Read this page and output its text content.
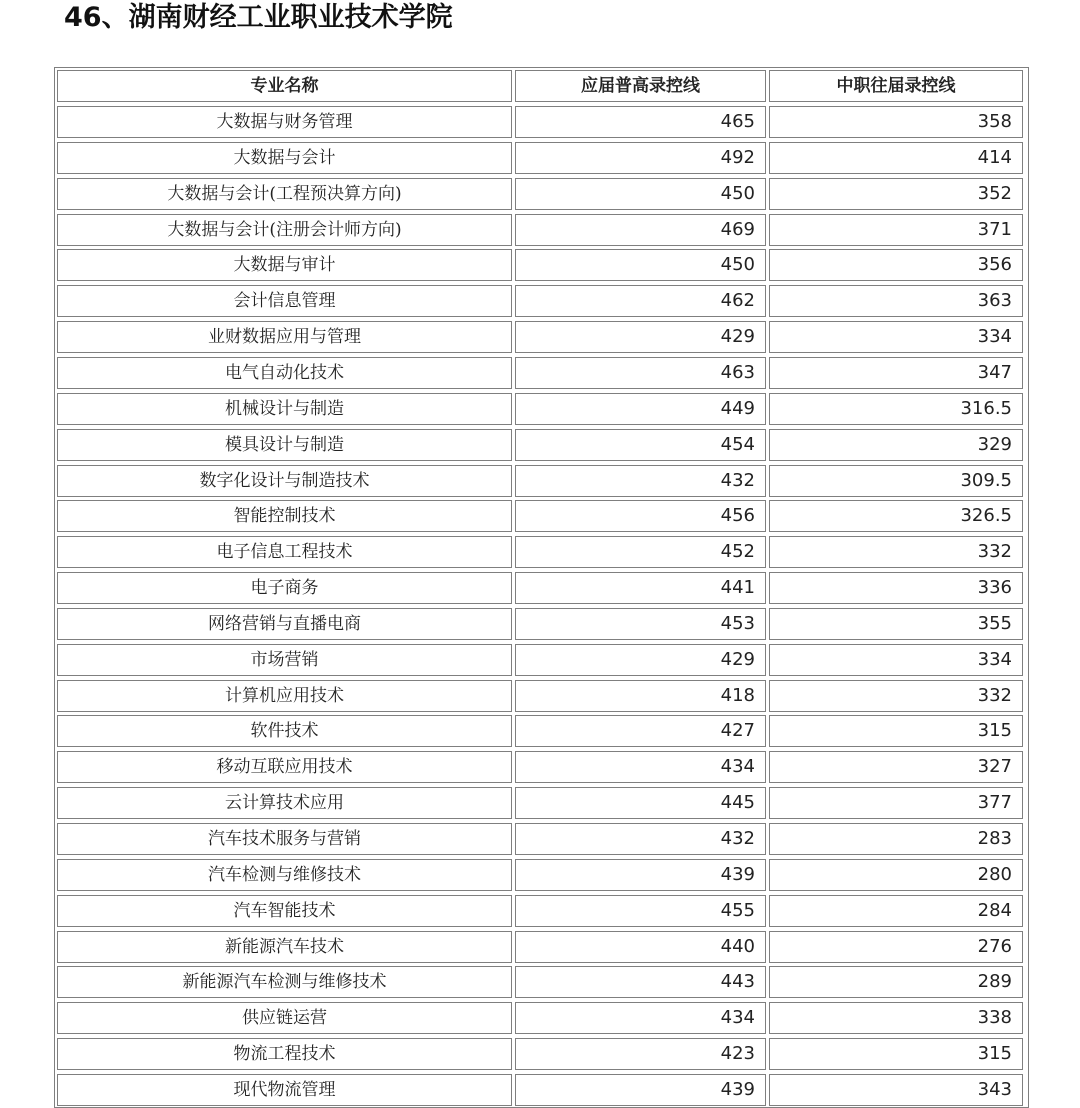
46、湖南财经工业职业技术学院
专业名称	应届普高录控线	中职往届录控线
大数据与财务管理	465	358
大数据与会计	492	414
大数据与会计(工程预决算方向)	450	352
大数据与会计(注册会计师方向)	469	371
大数据与审计	450	356
会计信息管理	462	363
业财数据应用与管理	429	334
电气自动化技术	463	347
机械设计与制造	449	316.5
模具设计与制造	454	329
数字化设计与制造技术	432	309.5
智能控制技术	456	326.5
电子信息工程技术	452	332
电子商务	441	336
网络营销与直播电商	453	355
市场营销	429	334
计算机应用技术	418	332
软件技术	427	315
移动互联应用技术	434	327
云计算技术应用	445	377
汽车技术服务与营销	432	283
汽车检测与维修技术	439	280
汽车智能技术	455	284
新能源汽车技术	440	276
新能源汽车检测与维修技术	443	289
供应链运营	434	338
物流工程技术	423	315
现代物流管理	439	343
